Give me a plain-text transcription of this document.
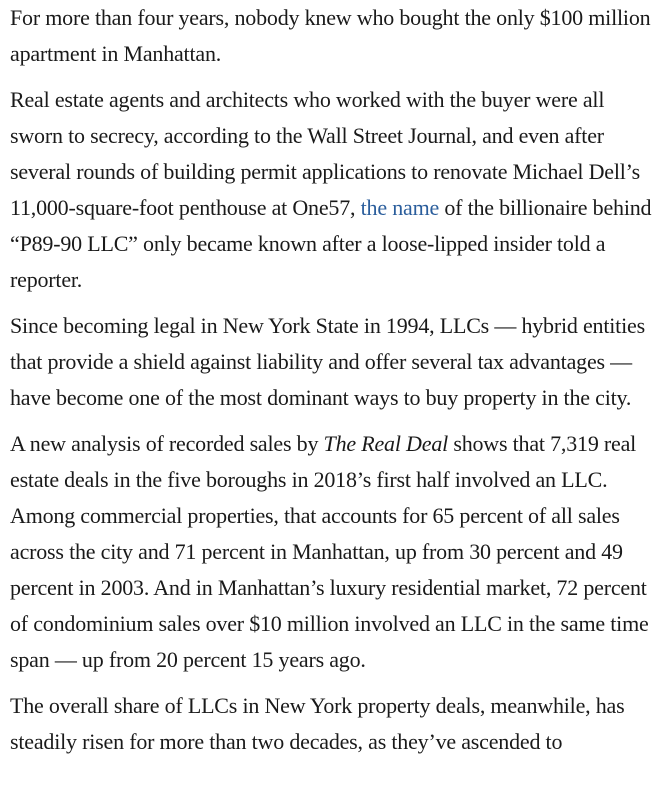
For more than four years, nobody knew who bought the only $100 million apartment in Manhattan.

Real estate agents and architects who worked with the buyer were all sworn to secrecy, according to the Wall Street Journal, and even after several rounds of building permit applications to renovate Michael Dell’s 11,000-square-foot penthouse at One57, the name of the billionaire behind “P89-90 LLC” only became known after a loose-lipped insider told a reporter.

Since becoming legal in New York State in 1994, LLCs — hybrid entities that provide a shield against liability and offer several tax advantages — have become one of the most dominant ways to buy property in the city.

A new analysis of recorded sales by The Real Deal shows that 7,319 real estate deals in the five boroughs in 2018’s first half involved an LLC. Among commercial properties, that accounts for 65 percent of all sales across the city and 71 percent in Manhattan, up from 30 percent and 49 percent in 2003. And in Manhattan’s luxury residential market, 72 percent of condominium sales over $10 million involved an LLC in the same time span — up from 20 percent 15 years ago.

The overall share of LLCs in New York property deals, meanwhile, has steadily risen for more than two decades, as they’ve ascended to
